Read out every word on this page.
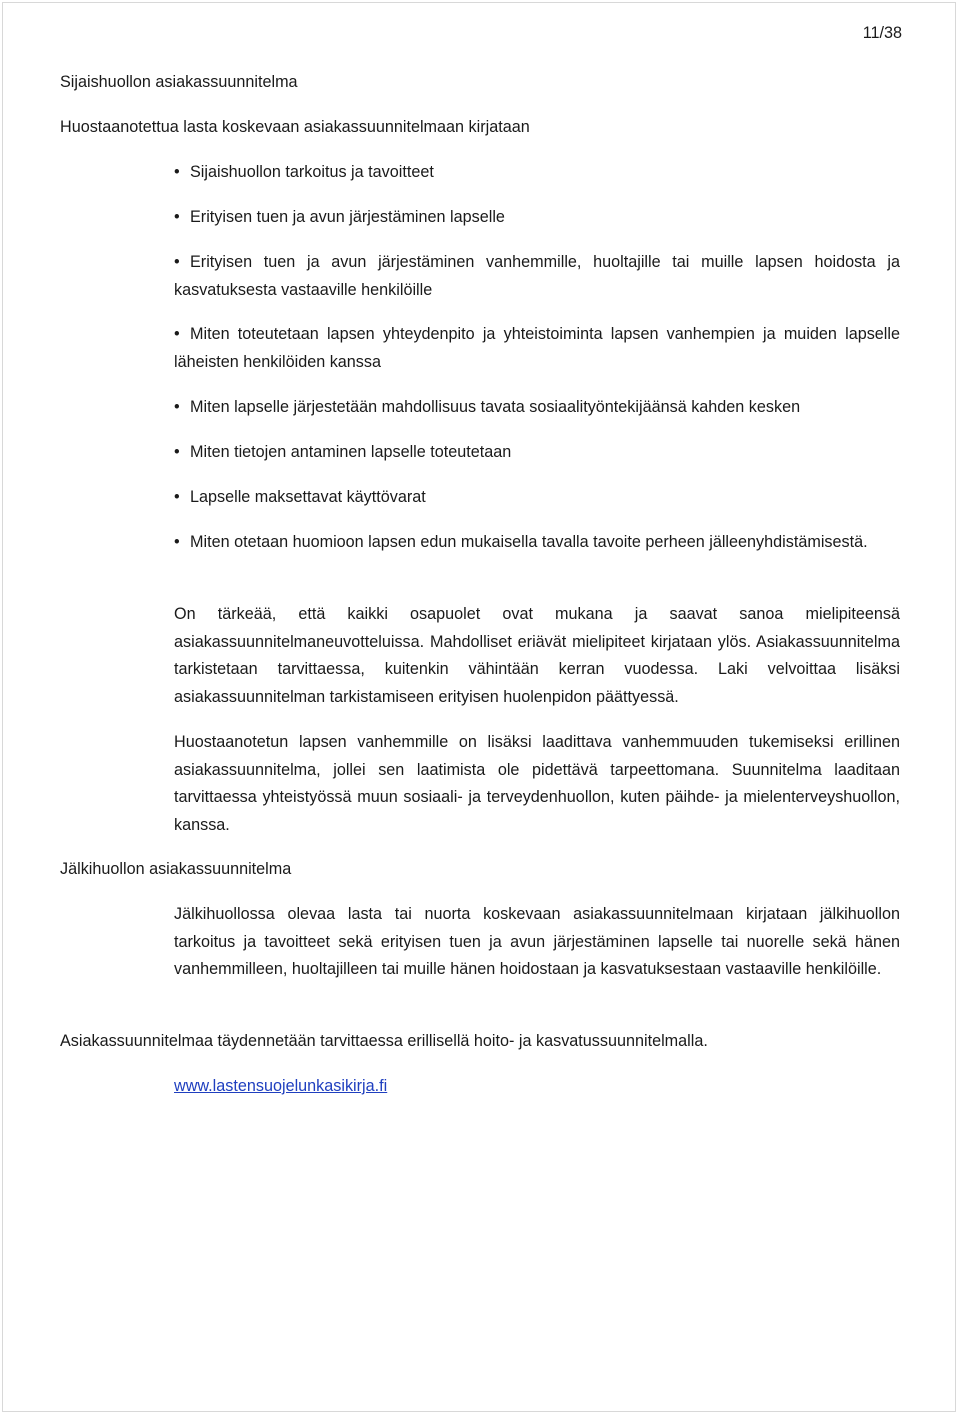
11/38
Sijaishuollon asiakassuunnitelma
Huostaanotettua lasta koskevaan asiakassuunnitelmaan kirjataan
• Sijaishuollon tarkoitus ja tavoitteet
• Erityisen tuen ja avun järjestäminen lapselle
• Erityisen tuen ja avun järjestäminen vanhemmille, huoltajille tai muille lapsen hoidosta ja kasvatuksesta vastaaville henkilöille
• Miten toteutetaan lapsen yhteydenpito ja yhteistoiminta lapsen vanhempien ja muiden lapselle läheisten henkilöiden kanssa
• Miten lapselle järjestetään mahdollisuus tavata sosiaalityöntekijäänsä kahden kesken
• Miten tietojen antaminen lapselle toteutetaan
• Lapselle maksettavat käyttövarat
• Miten otetaan huomioon lapsen edun mukaisella tavalla tavoite perheen jälleenyhdistämisestä.
On tärkeää, että kaikki osapuolet ovat mukana ja saavat sanoa mielipiteensä asiakassuunnitelmaneuvotteluissa. Mahdolliset eriävät mielipiteet kirjataan ylös. Asiakassuunnitelma tarkistetaan tarvittaessa, kuitenkin vähintään kerran vuodessa. Laki velvoittaa lisäksi asiakassuunnitelman tarkistamiseen erityisen huolenpidon päättyessä.
Huostaanotetun lapsen vanhemmille on lisäksi laadittava vanhemmuuden tukemiseksi erillinen asiakassuunnitelma, jollei sen laatimista ole pidettävä tarpeettomana. Suunnitelma laaditaan tarvittaessa yhteistyössä muun sosiaali- ja terveydenhuollon, kuten päihde- ja mielenterveyshuollon, kanssa.
Jälkihuollon asiakassuunnitelma
Jälkihuollossa olevaa lasta tai nuorta koskevaan asiakassuunnitelmaan kirjataan jälkihuollon tarkoitus ja tavoitteet sekä erityisen tuen ja avun järjestäminen lapselle tai nuorelle sekä hänen vanhemmilleen, huoltajilleen tai muille hänen hoidostaan ja kasvatuksestaan vastaaville henkilöille.
Asiakassuunnitelmaa täydennetään tarvittaessa erillisellä hoito- ja kasvatussuunnitelmalla.
www.lastensuojelunkasikirja.fi
